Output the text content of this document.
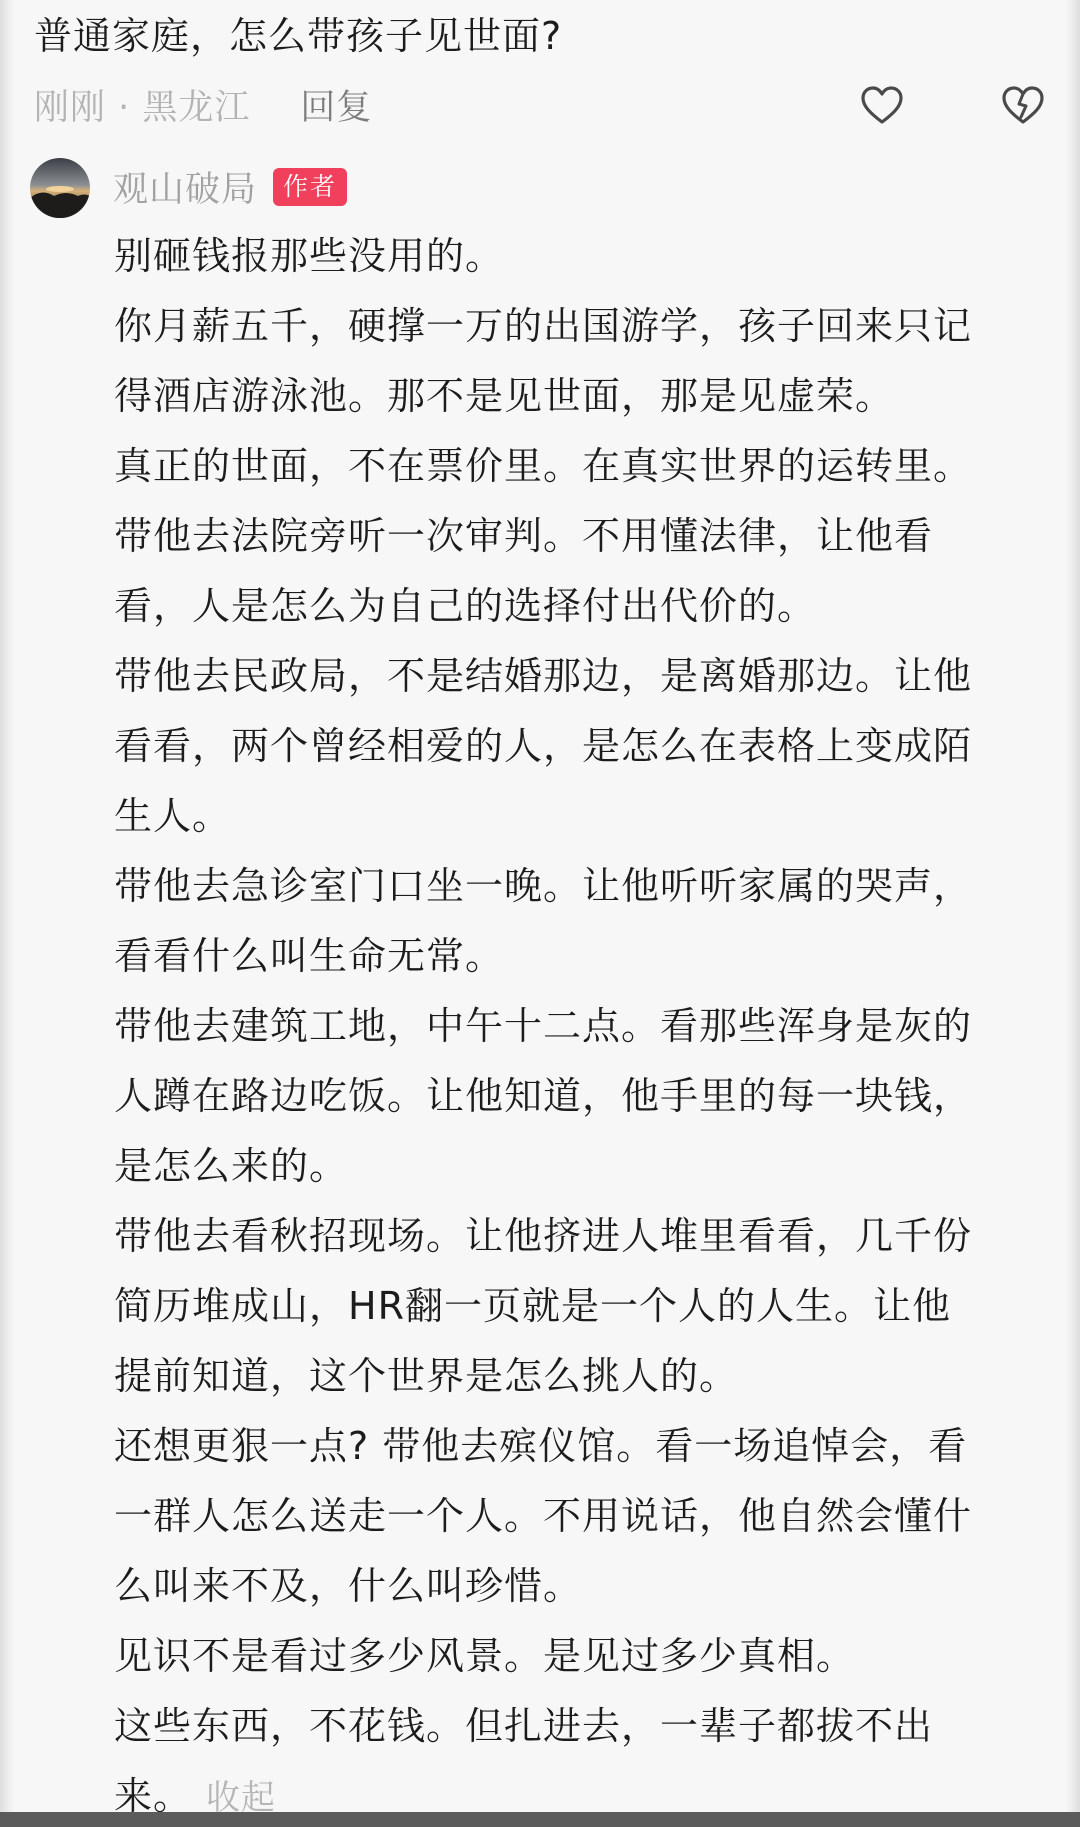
普通家庭，怎么带孩子见世面?
刚刚 · 黑龙江 回复
观山破局	作者
别砸钱报那些没用的。
你月薪五千，硬撑一万的出国游学，孩子回来只记
得酒店游泳池。那不是见世面，那是见虚荣。
真正的世面，不在票价里。在真实世界的运转里。
带他去法院旁听一次审判。不用懂法律，让他看
看，人是怎么为自己的选择付出代价的。
带他去民政局，不是结婚那边，是离婚那边。让他
看看，两个曾经相爱的人，是怎么在表格上变成陌
生人。
带他去急诊室门口坐一晚。让他听听家属的哭声，
看看什么叫生命无常。
带他去建筑工地，中午十二点。看那些浑身是灰的
人蹲在路边吃饭。让他知道，他手里的每一块钱，
是怎么来的。
带他去看秋招现场。让他挤进人堆里看看，几千份
简历堆成山，HR翻一页就是一个人的人生。让他
提前知道，这个世界是怎么挑人的。
还想更狠一点? 带他去殡仪馆。看一场追悼会，看
一群人怎么送走一个人。不用说话，他自然会懂什
么叫来不及，什么叫珍惜。
见识不是看过多少风景。是见过多少真相。
这些东西，不花钱。但扎进去，一辈子都拔不出
来。 收起
